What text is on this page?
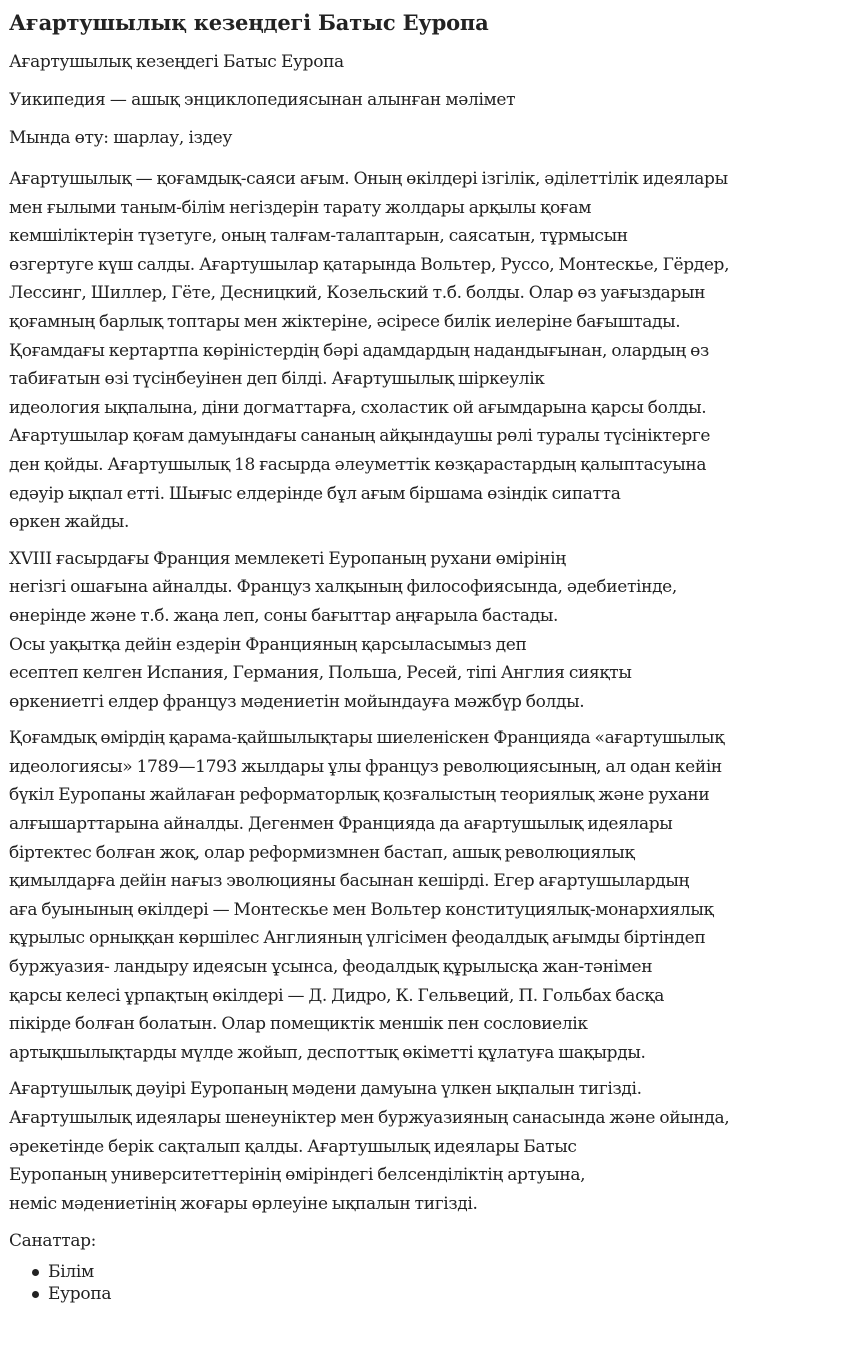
Ағартушылық кезеңдегі Батыс Еуропа
Ағартушылық кезеңдегі Батыс Еуропа
Уикипедия — ашық энциклопедиясынан алынған мәлімет
Мында өту: шарлау, іздеу
Ағартушылық — қоғамдық-саяси ағым. Оның өкілдері ізгілік, әділеттілік идеялары
мен ғылыми таным-білім негіздерін тарату жолдары арқылы қоғам
кемшіліктерін түзетуге, оның талғам-талаптарын, саясатын, тұрмысын
өзгертуге күш салды. Ағартушылар қатарында Вольтер, Руссо, Монтескье, Гёрдер,
Лессинг, Шиллер, Гёте, Десницкий, Козельский т.б. болды. Олар өз уағыздарын
қоғамның барлық топтары мен жіктеріне, әсіресе билік иелеріне бағыштады.
Қоғамдағы кертартпа көріністердің бәрі адамдардың надандығынан, олардың өз
табиғатын өзі түсінбеуінен деп білді. Ағартушылық шіркеулік
идеология ықпалына, діни догматтарға, схоластик ой ағымдарына қарсы болды.
Ағартушылар қоғам дамуындағы сананың айқындаушы рөлі туралы түсініктерге
ден қойды. Ағартушылық 18 ғасырда әлеуметтік көзқарастардың қалыптасуына
едәуір ықпал етті. Шығыс елдерінде бұл ағым біршама өзіндік сипатта
өркен жайды.
XVIII ғасырдағы Франция мемлекеті Еуропаның рухани өмірінің
негізгі ошағына айналды. Француз халқының философиясында, әдебиетінде,
өнерінде және т.б. жаңа леп, соны бағыттар аңғарыла бастады.
Осы уақытқа дейін ездерін Францияның қарсыласымыз деп
есептеп келген Испания, Германия, Польша, Ресей, тіпі Англия сияқты
өркениетгі елдер француз мәдениетін мойындауға мәжбүр болды.
Қоғамдық өмірдің қарама-қайшылықтары шиеленіскен Францияда «ағартушылық
идеологиясы» 1789—1793 жылдары ұлы француз революциясының, ал одан кейін
бүкіл Еуропаны жайлаған реформаторлық қозғалыстың теориялық және рухани
алғышарттарына айналды. Дегенмен Францияда да ағартушылық идеялары
біртектес болған жоқ, олар реформизмнен бастап, ашық революциялық
қимылдарға дейін нағыз эволюцияны басынан кешірді. Егер ағартушылардың
аға буынының өкілдері — Монтескье мен Вольтер конституциялық-монархиялық
құрылыс орныққан көршілес Англияның үлгісімен феодалдық ағымды біртіндеп
буржуазия- ландыру идеясын ұсынса, феодалдық құрылысқа жан-тәнімен
қарсы келесі ұрпақтың өкілдері — Д. Дидро, К. Гельвеций, П. Гольбах басқа
пікірде болған болатын. Олар помещиктік меншік пен сословиелік
артықшылықтарды мүлде жойып, деспоттық өкіметті құлатуға шақырды.
Ағартушылық дәуірі Еуропаның мәдени дамуына үлкен ықпалын тигізді.
Ағартушылық идеялары шенеуніктер мен буржуазияның санасында және ойында,
әрекетінде берік сақталып қалды. Ағартушылық идеялары Батыс
Еуропаның университеттерінің өміріндегі белсенділіктің артуына,
неміс мәдениетінің жоғары өрлеуіне ықпалын тигізді.
Санаттар:
Білім
Еуропа
